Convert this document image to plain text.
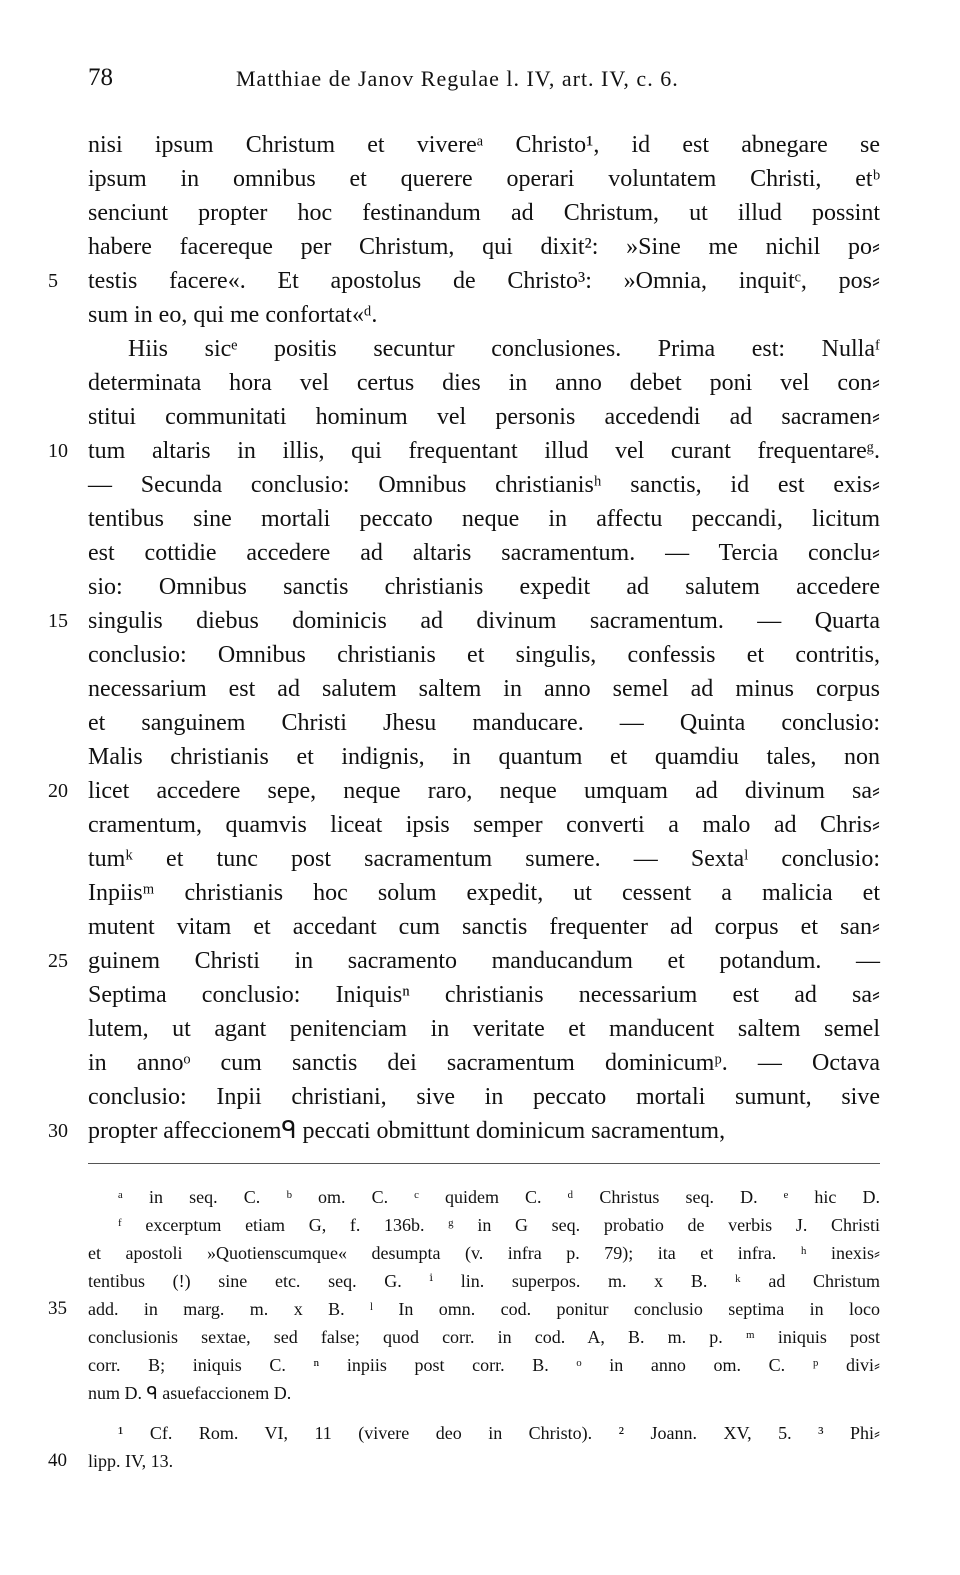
78	Matthiae de Janov Regulae l. IV, art. IV, c. 6.
nisi ipsum Christum et vivereᵃ Christo¹, id est abnegare se
ipsum in omnibus et querere operari voluntatem Christi, etᵇ
senciunt propter hoc festinandum ad Christum, ut illud possint
habere facereque per Christum, qui dixit²: »Sine me nichil po⸗
5	testis facere«. Et apostolus de Christo³: »Omnia, inquitᶜ, pos⸗
sum in eo, qui me confortat«ᵈ.
Hiis sicᵉ positis secuntur conclusiones. Prima est: Nullaᶠ
determinata hora vel certus dies in anno debet poni vel con⸗
stitui communitati hominum vel personis accedendi ad sacramen⸗
10 tum altaris in illis, qui frequentant illud vel curant frequentareᵍ.
— Secunda conclusio: Omnibus christianisʰ sanctis, id est exis⸗
tentibus sine mortali peccato neque in affectu peccandi, licitum
est cottidie accedere ad altaris sacramentum. — Tercia conclu⸗
sio: Omnibus sanctis christianis expedit ad salutem accedere
15 singulis diebus dominicis ad divinum sacramentum. — Quarta
conclusio: Omnibus christianis et singulis, confessis et contritis,
necessarium est ad salutem saltem in anno semel ad minus corpus
et sanguinem Christi Jhesu manducare. — Quinta conclusio:
Malis christianis et indignis, in quantum et quamdiu tales, non
20 licet accedere sepe, neque raro, neque umquam ad divinum sa⸗
cramentum, quamvis liceat ipsis semper converti a malo ad Chris⸗
tumᵏ et tunc post sacramentum sumere. — Sextaˡ conclusio:
Inpiisᵐ christianis hoc solum expedit, ut cessent a malicia et
mutent vitam et accedant cum sanctis frequenter ad corpus et san⸗
25 guinem Christi in sacramento manducandum et potandum. —
Septima conclusio: Iniquisⁿ christianis necessarium est ad sa⸗
lutem, ut agant penitenciam in veritate et manducent saltem semel
in annoᵒ cum sanctis dei sacramentum dominicumᵖ. — Octava
conclusio: Inpii christiani, sive in peccato mortali sumunt, sive
30 propter affeccionemᑫ peccati obmittunt dominicum sacramentum,
ᵃ in seq. C. ᵇ om. C. ᶜ quidem C. ᵈ Christus seq. D. ᵉ hic D.
ᶠ excerptum etiam G, f. 136b. ᵍ in G seq. probatio de verbis J. Christi
et apostoli »Quotienscumque« desumpta (v. infra p. 79); ita et infra. ʰ inexis⸗
tentibus (!) sine etc. seq. G. ⁱ lin. superpos. m. x B. ᵏ ad Christum
35	add. in marg. m. x B. ˡ In omn. cod. ponitur conclusio septima in loco
conclusionis sextae, sed false; quod corr. in cod. A, B. m. p. ᵐ iniquis post
corr. B; iniquis C. ⁿ inpiis post corr. B. ᵒ in anno om. C. ᵖ divi⸗
num D. ᑫ asuefaccionem D.
¹ Cf. Rom. VI, 11 (vivere deo in Christo). ² Joann. XV, 5. ³ Phi⸗
40	lipp. IV, 13.
